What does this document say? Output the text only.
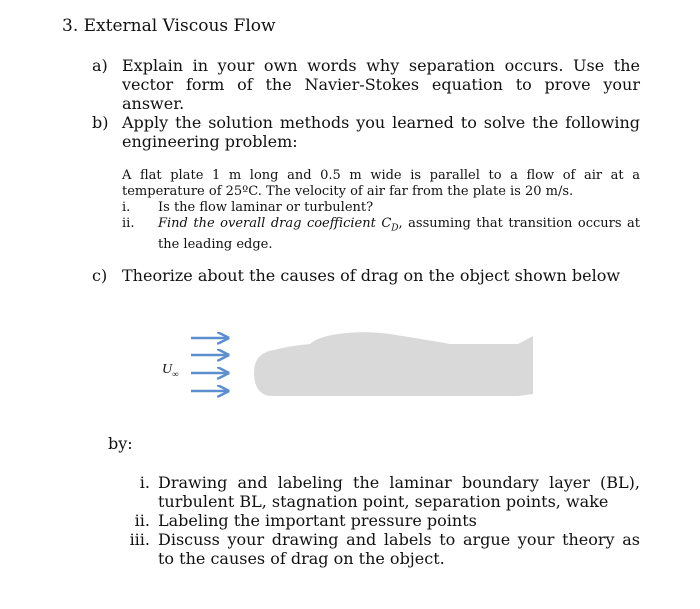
3. External Viscous Flow
a) Explain in your own words why separation occurs. Use the
vector form of the Navier-Stokes equation to prove your
answer.
b) Apply the solution methods you learned to solve the following
engineering problem:
A flat plate 1 m long and 0.5 m wide is parallel to a flow of air at a
temperature of 25ºC. The velocity of air far from the plate is 20 m/s.
i. Is the flow laminar or turbulent?
ii. Find the overall drag coefficient $C_D$, assuming that transition occurs at
the leading edge.
c) Theorize about the causes of drag on the object shown below
U ∞
by:
i. Drawing and labeling the laminar boundary layer (BL),
turbulent BL, stagnation point, separation points, wake
ii. Labeling the important pressure points
iii. Discuss your drawing and labels to argue your theory as
to the causes of drag on the object.
